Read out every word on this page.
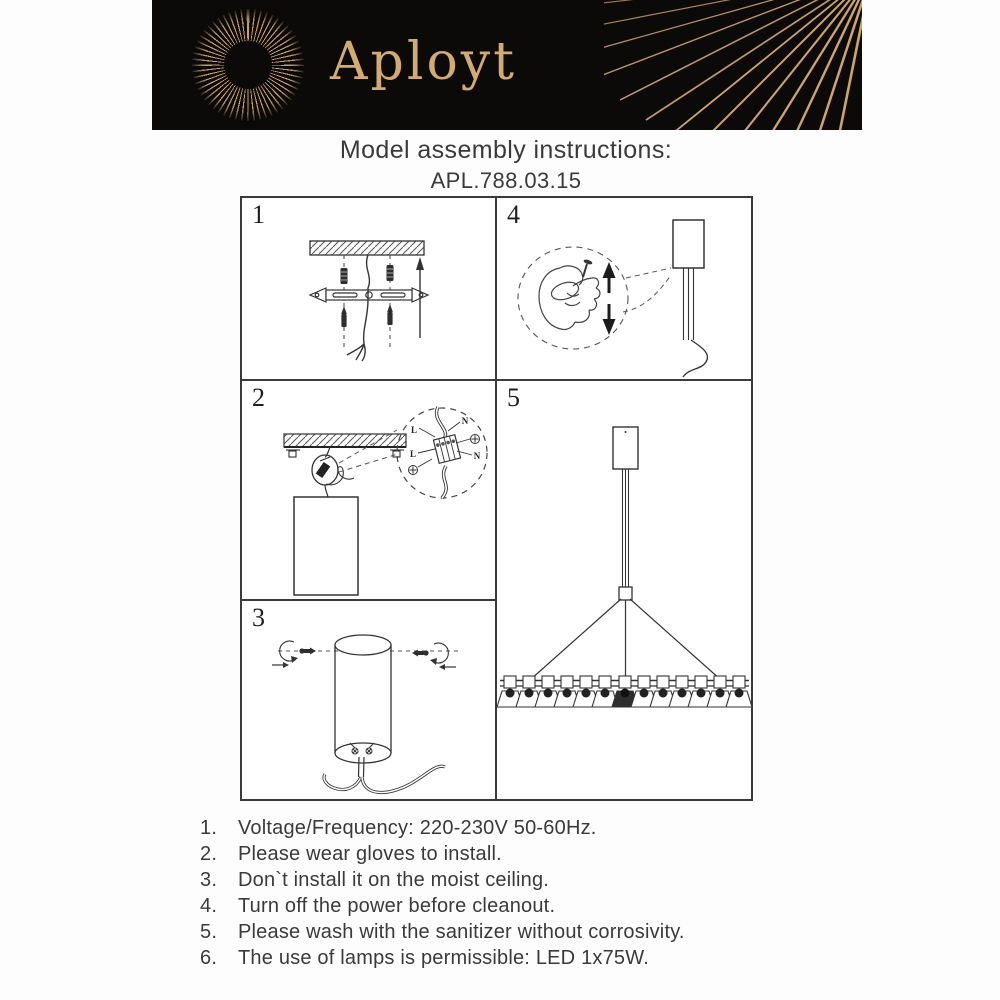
Aployt
Model assembly instructions:
APL.788.03.15
1
2
L
N
L	N
3
4
5
1.	Voltage/Frequency: 220-230V 50-60Hz.
2.	Please wear gloves to install.
3.	Don`t install it on the moist ceiling.
4.	Turn off the power before cleanout.
5.	Please wash with the sanitizer without corrosivity.
6.	The use of lamps is permissible: LED 1x75W.
